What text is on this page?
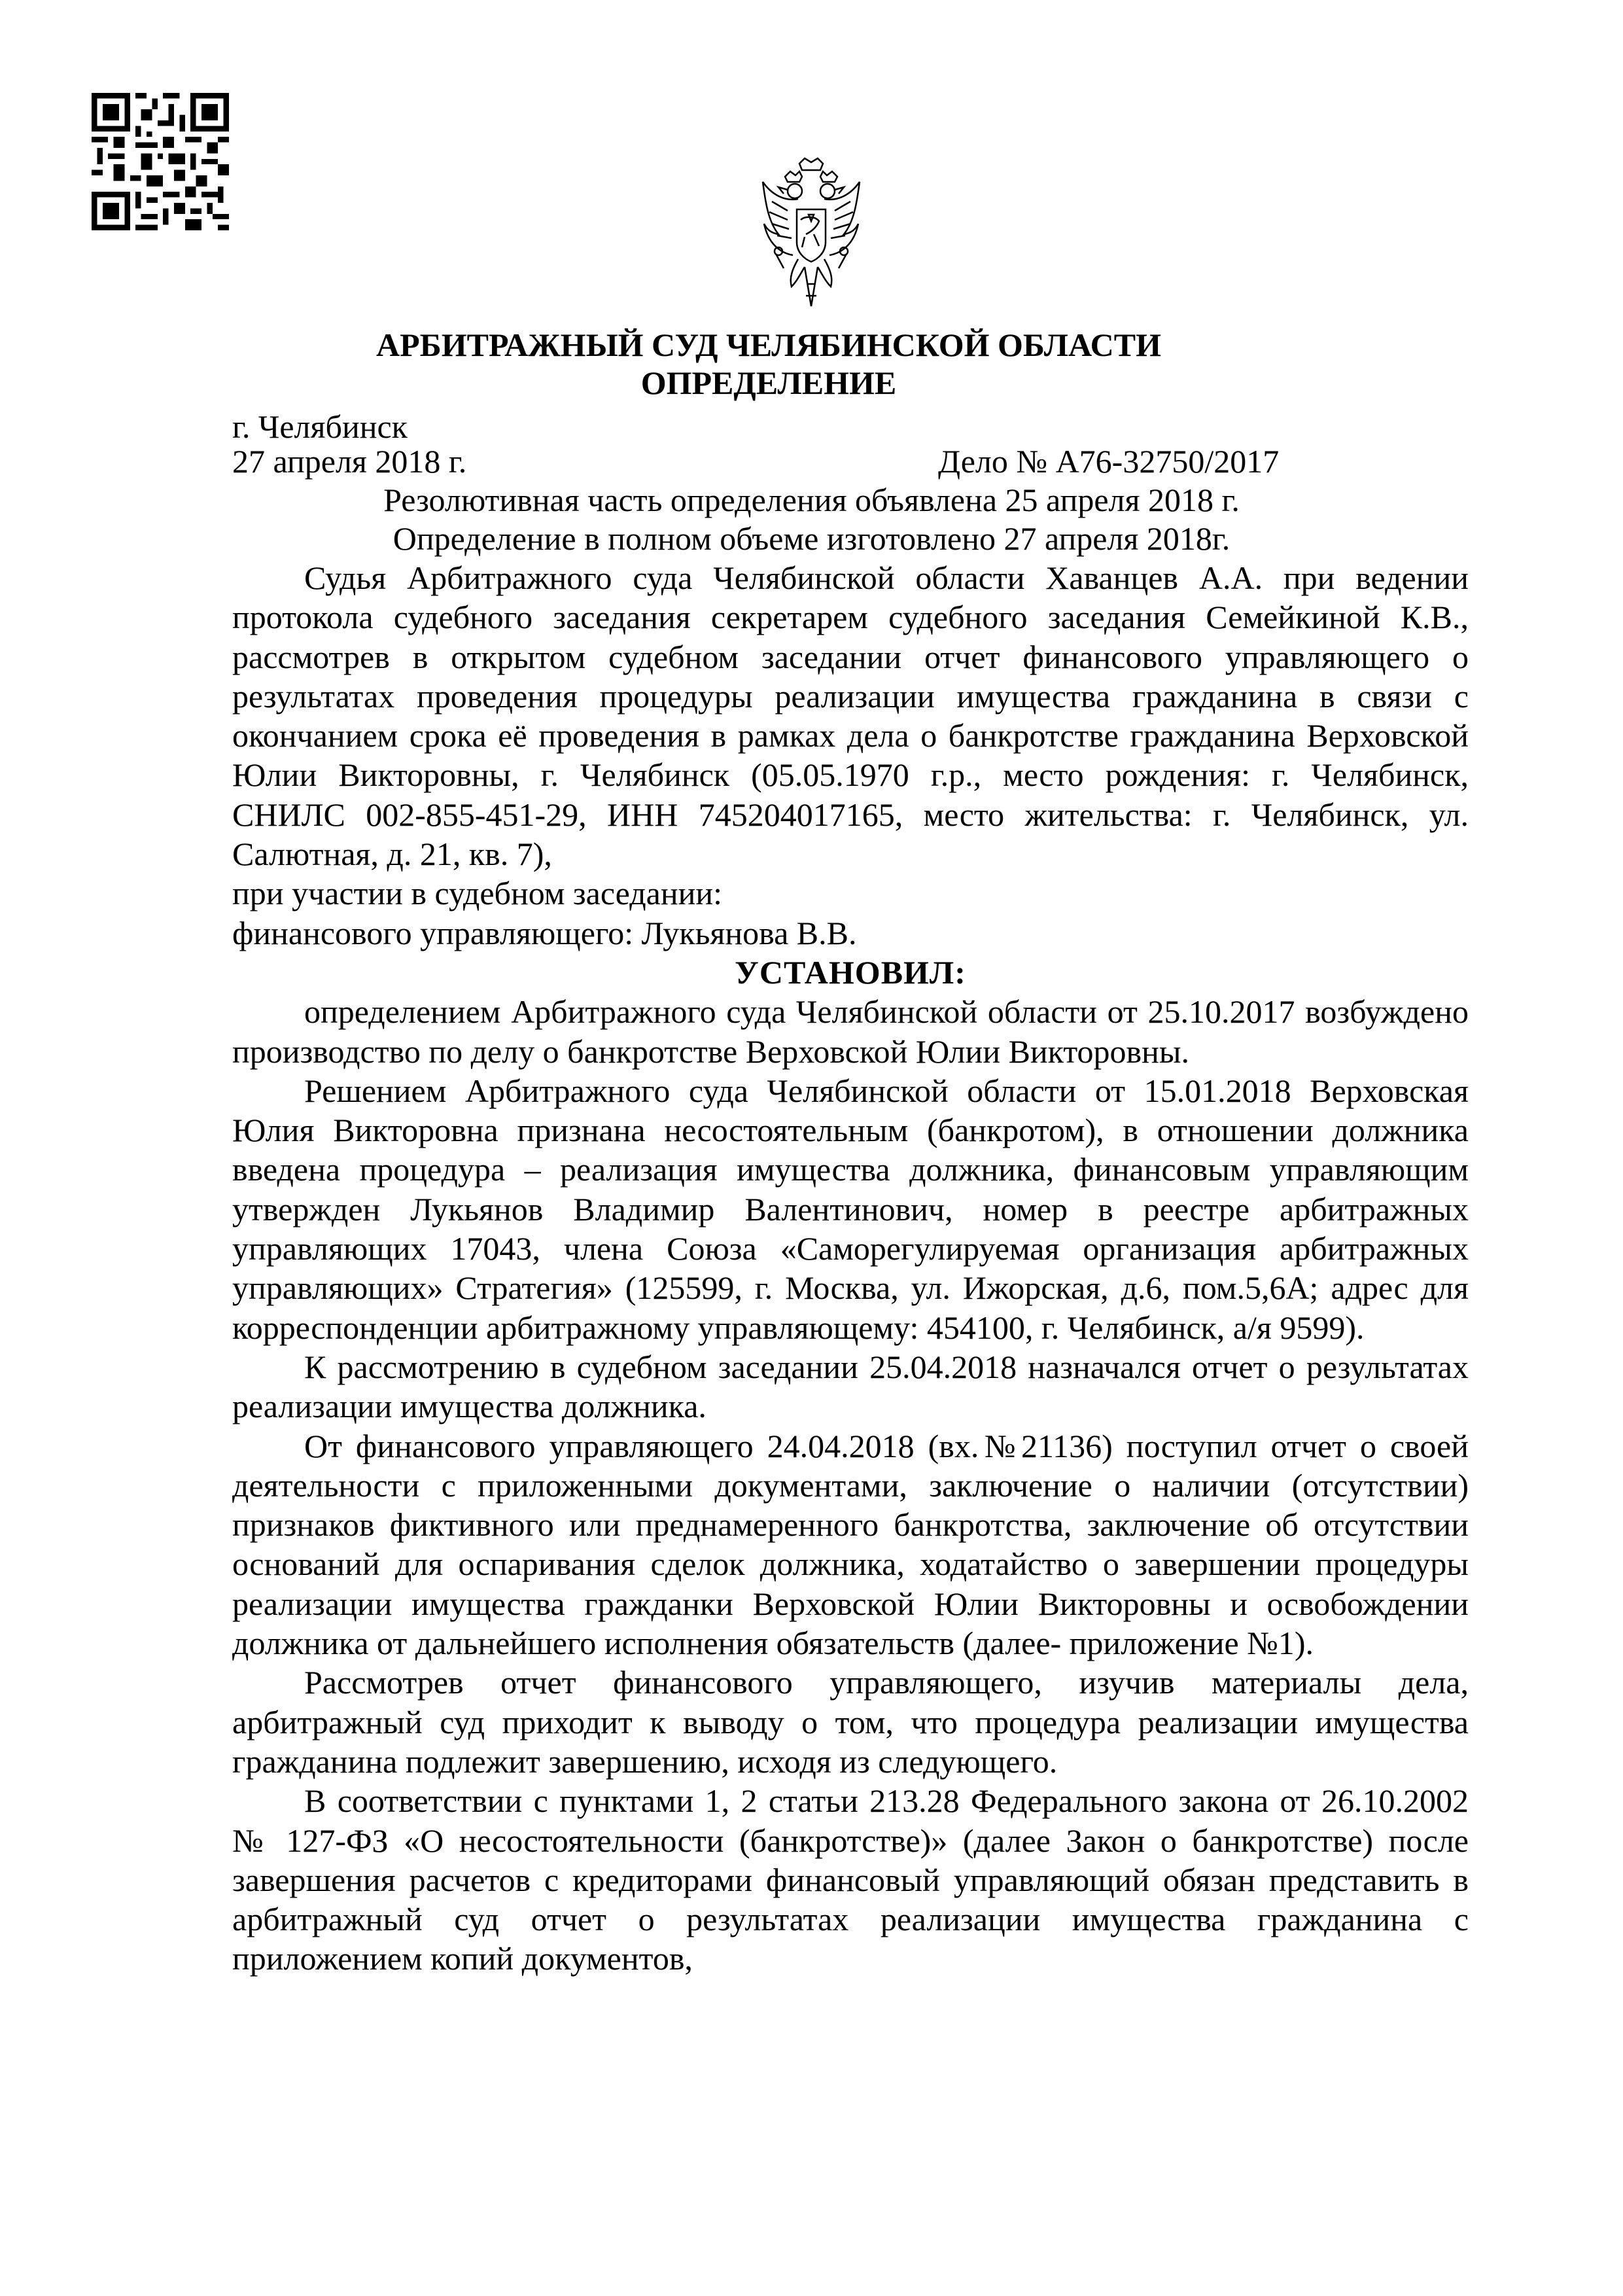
АРБИТРАЖНЫЙ СУД ЧЕЛЯБИНСКОЙ ОБЛАСТИ
ОПРЕДЕЛЕНИЕ
г. Челябинск
27 апреля 2018 г.	Дело № А76-32750/2017
Резолютивная часть определения объявлена 25 апреля 2018 г.
Определение в полном объеме изготовлено 27 апреля 2018г.

Судья Арбитражного суда Челябинской области Хаванцев А.А. при ведении протокола судебного заседания секретарем судебного заседания Семейкиной К.В., рассмотрев в открытом судебном заседании отчет финансового управляющего о результатах проведения процедуры реализации имущества гражданина в связи с окончанием срока её проведения в рамках дела о банкротстве гражданина Верховской Юлии Викторовны, г. Челябинск (05.05.1970 г.р., место рождения: г. Челябинск, СНИЛС 002-855-451-29, ИНН 745204017165, место жительства: г. Челябинск, ул. Салютная, д. 21, кв. 7),

при участии в судебном заседании:

финансового управляющего: Лукьянова В.В.

УСТАНОВИЛ:

определением Арбитражного суда Челябинской области от 25.10.2017 возбуждено производство по делу о банкротстве Верховской Юлии Викторовны.

Решением Арбитражного суда Челябинской области от 15.01.2018 Верховская Юлия Викторовна признана несостоятельным (банкротом), в отношении должника введена процедура – реализация имущества должника, финансовым управляющим утвержден Лукьянов Владимир Валентинович, номер в реестре арбитражных управляющих 17043, члена Союза «Саморегулируемая организация арбитражных управляющих» Стратегия» (125599, г. Москва, ул. Ижорская, д.6, пом.5,6А; адрес для корреспонденции арбитражному управляющему: 454100, г. Челябинск, а/я 9599).

К рассмотрению в судебном заседании 25.04.2018 назначался отчет о результатах реализации имущества должника.

От финансового управляющего 24.04.2018 (вх.№21136) поступил отчет о своей деятельности с приложенными документами, заключение о наличии (отсутствии) признаков фиктивного или преднамеренного банкротства, заключение об отсутствии оснований для оспаривания сделок должника, ходатайство о завершении процедуры реализации имущества гражданки Верховской Юлии Викторовны и освобождении должника от дальнейшего исполнения обязательств (далее- приложение №1).

Рассмотрев отчет финансового управляющего, изучив материалы дела, арбитражный суд приходит к выводу о том, что процедура реализации имущества гражданина подлежит завершению, исходя из следующего.

В соответствии с пунктами 1, 2 статьи 213.28 Федерального закона от 26.10.2002 № 127-ФЗ «О несостоятельности (банкротстве)» (далее Закон о банкротстве) после завершения расчетов с кредиторами финансовый управляющий обязан представить в арбитражный суд отчет о результатах реализации имущества гражданина с приложением копий документов,
